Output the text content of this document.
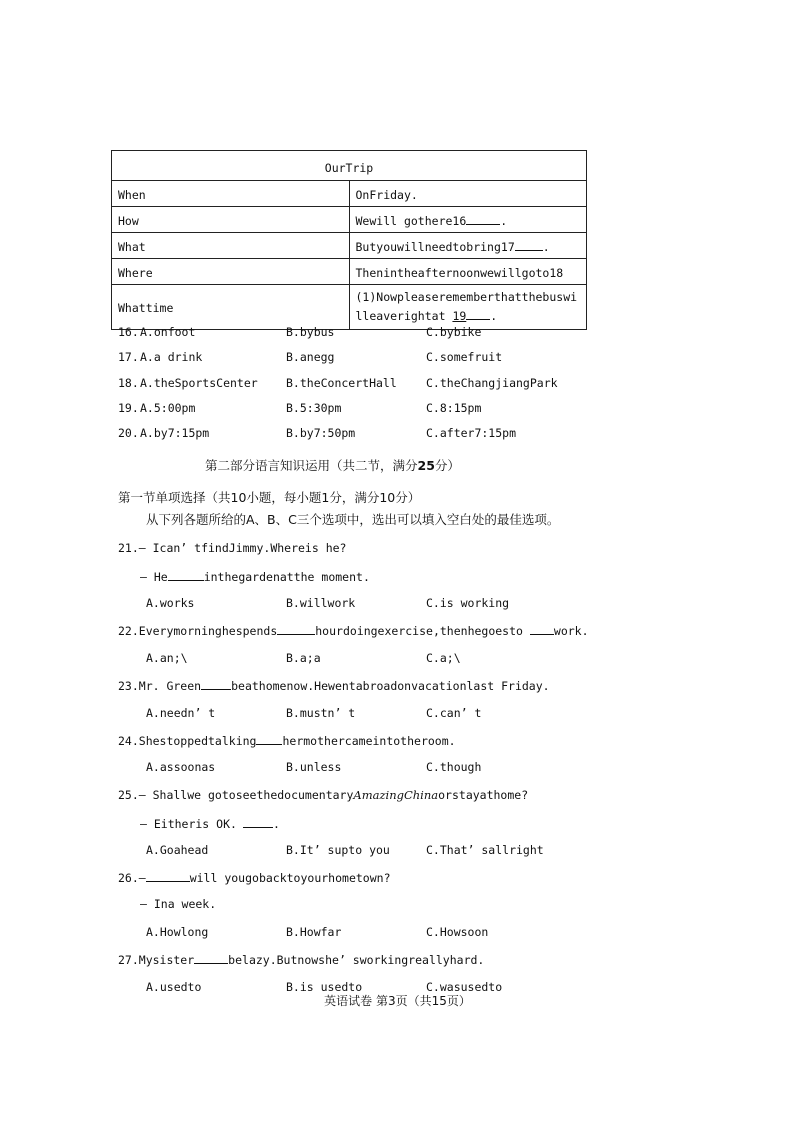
OurTrip	
When	OnFriday.
How	Wewill gothere16 .
What	Butyouwillneedtobring17 .
Where	Thenintheafternoonwewillgoto18
Whattime	(1)Nowpleaserememberthatthebuswilleaverightat 19 .
16. A.onfoot	B.bybus	C.bybike
17. A.a drink	B.anegg	C.somefruit
18. A.theSportsCenter B.theConcertHall	C.theChangjiangPark
19. A.5:00pm	B.5:30pm	C.8:15pm
20. A.by7:15pm	B.by7:50pm	C.after7:15pm
第二部分语言知识运用（共二节，满分25分）
第一节单项选择（共10小题，每小题1分，满分10分）
从下列各题所给的A、B、C三个选项中，选出可以填入空白处的最佳选项。
21.— Ican’ tfindJimmy.Whereis he?
— He	inthegardenatthe moment.
A.works	B.willwork	C.is working
22.Everymorninghespends	hourdoingexercise,thenhegoesto work.
A.an;\	B.a;a	C.a;\
23.Mr. Green	beathomenow.Hewentabroadonvacationlast Friday.
A.needn’ t	B.mustn’ t	C.can’ t
24.Shestoppedtalking hermothercameintotheroom.
A.assoonas	B.unless	C.though
25.— Shallwe gotoseethedocumentaryAmazingChinaorstayathome?
— Eitheris OK.	.
A.Goahead	B.It’ supto you	C.That’ sallright
26.—	will yougobacktoyourhometown?
— Ina week.
A.Howlong	B.Howfar	C.Howsoon
27.Mysister	belazy.Butnowshe’ sworkingreallyhard.
A.usedto	B.is usedto	C.wasusedto
英语试卷 第3页（共15页）
